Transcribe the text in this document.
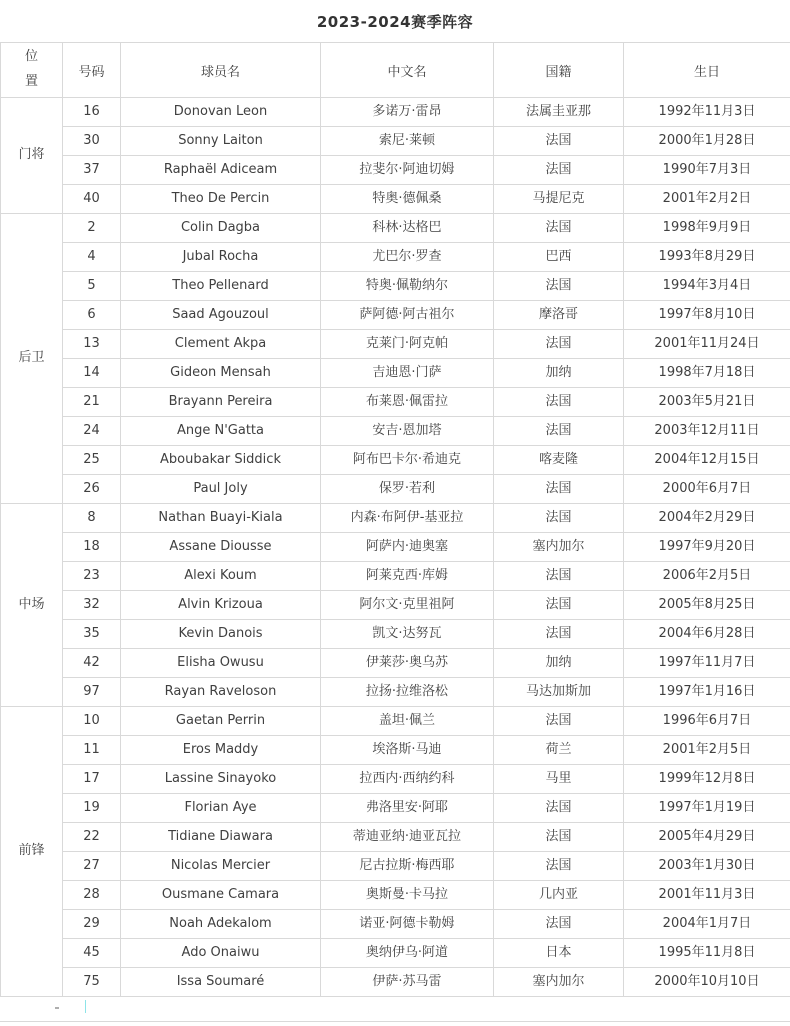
2023-2024赛季阵容
位置	号码	球员名	中文名	国籍	生日
门将	16	Donovan Leon	多诺万·雷昂	法属圭亚那	1992年11月3日
	30	Sonny Laiton	索尼·莱顿	法国	2000年1月28日
	37	Raphaël Adiceam	拉斐尔·阿迪切姆	法国	1990年7月3日
	40	Theo De Percin	特奥·德佩桑	马提尼克	2001年2月2日
后卫	2	Colin Dagba	科林·达格巴	法国	1998年9月9日
	4	Jubal Rocha	尤巴尔·罗查	巴西	1993年8月29日
	5	Theo Pellenard	特奥·佩勒纳尔	法国	1994年3月4日
	6	Saad Agouzoul	萨阿德·阿古祖尔	摩洛哥	1997年8月10日
	13	Clement Akpa	克莱门·阿克帕	法国	2001年11月24日
	14	Gideon Mensah	吉迪恩·门萨	加纳	1998年7月18日
	21	Brayann Pereira	布莱恩·佩雷拉	法国	2003年5月21日
	24	Ange N'Gatta	安吉·恩加塔	法国	2003年12月11日
	25	Aboubakar Siddick	阿布巴卡尔·希迪克	喀麦隆	2004年12月15日
	26	Paul Joly	保罗·若利	法国	2000年6月7日
中场	8	Nathan Buayi-Kiala	内森·布阿伊-基亚拉	法国	2004年2月29日
	18	Assane Diousse	阿萨内·迪奥塞	塞内加尔	1997年9月20日
	23	Alexi Koum	阿莱克西·库姆	法国	2006年2月5日
	32	Alvin Krizoua	阿尔文·克里祖阿	法国	2005年8月25日
	35	Kevin Danois	凯文·达努瓦	法国	2004年6月28日
	42	Elisha Owusu	伊莱莎·奥乌苏	加纳	1997年11月7日
	97	Rayan Raveloson	拉扬·拉维洛松	马达加斯加	1997年1月16日
前锋	10	Gaetan Perrin	盖坦·佩兰	法国	1996年6月7日
	11	Eros Maddy	埃洛斯·马迪	荷兰	2001年2月5日
	17	Lassine Sinayoko	拉西内·西纳约科	马里	1999年12月8日
	19	Florian Aye	弗洛里安·阿耶	法国	1997年1月19日
	22	Tidiane Diawara	蒂迪亚纳·迪亚瓦拉	法国	2005年4月29日
	27	Nicolas Mercier	尼古拉斯·梅西耶	法国	2003年1月30日
	28	Ousmane Camara	奥斯曼·卡马拉	几内亚	2001年11月3日
	29	Noah Adekalom	诺亚·阿德卡勒姆	法国	2004年1月7日
	45	Ado Onaiwu	奥纳伊乌·阿道	日本	1995年11月8日
	75	Issa Soumaré	伊萨·苏马雷	塞内加尔	2000年10月10日
